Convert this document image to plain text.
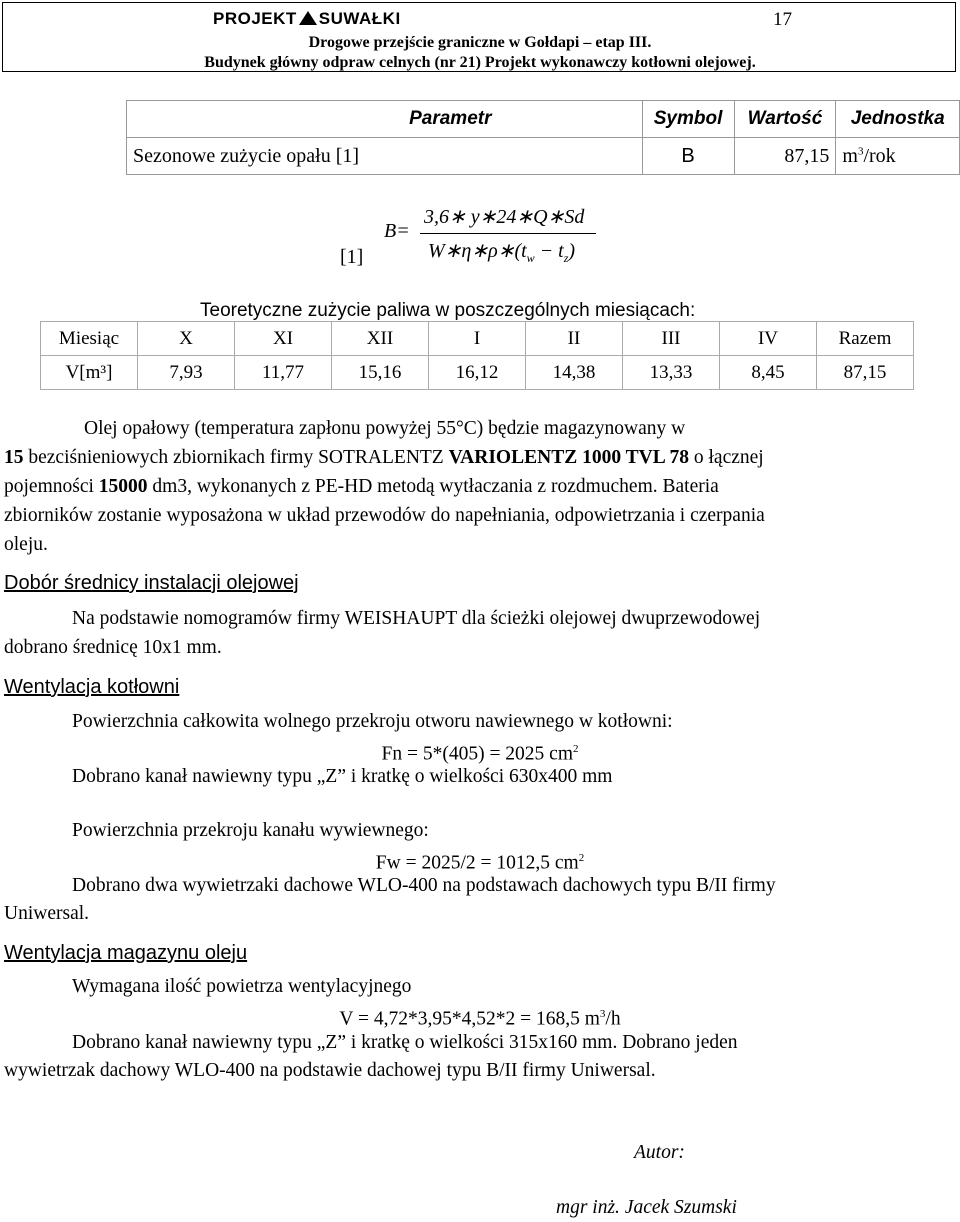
PROJEKT SUWAŁKI	17
Drogowe przejście graniczne w Gołdapi – etap III.
Budynek główny odpraw celnych (nr 21) Projekt wykonawczy kotłowni olejowej.
Parametr	Symbol	Wartość	Jednostka
Sezonowe zużycie opału [1]	B	87,15	$m^3$/rok
[1]
B=
3,6∗ y∗24∗Q∗Sd
$W∗\eta∗\rho∗(t_w - t_z)$
Teoretyczne zużycie paliwa w poszczególnych miesiącach:
Miesiąc	X	XI	XII	I	II	III	IV	Razem
V[m³]	7,93	11,77	15,16	16,12	14,38	13,33	8,45	87,15
Olej opałowy (temperatura zapłonu powyżej 55°C) będzie magazynowany w
15 bezciśnieniowych zbiornikach firmy SOTRALENTZ VARIOLENTZ 1000 TVL 78 o łącznej
pojemności 15000 dm3, wykonanych z PE-HD metodą wytłaczania z rozdmuchem. Bateria
zbiorników zostanie wyposażona w układ przewodów do napełniania, odpowietrzania i czerpania
oleju.
Dobór średnicy instalacji olejowej
Na podstawie nomogramów firmy WEISHAUPT dla ścieżki olejowej dwuprzewodowej
dobrano średnicę 10x1 mm.
Wentylacja kotłowni
Powierzchnia całkowita wolnego przekroju otworu nawiewnego w kotłowni:
Fn = 5*(405) = 2025 $cm^2$
Dobrano kanał nawiewny typu „Z” i kratkę o wielkości 630x400 mm
Powierzchnia przekroju kanału wywiewnego:
Fw = 2025/2 = 1012,5 $cm^2$
Dobrano dwa wywietrzaki dachowe WLO-400 na podstawach dachowych typu B/II firmy
Uniwersal.
Wentylacja magazynu oleju
Wymagana ilość powietrza wentylacyjnego
V = 4,72*3,95*4,52*2 = 168,5 $m^3/h$
Dobrano kanał nawiewny typu „Z” i kratkę o wielkości 315x160 mm. Dobrano jeden
wywietrzak dachowy WLO-400 na podstawie dachowej typu B/II firmy Uniwersal.
Autor:
mgr inż. Jacek Szumski
